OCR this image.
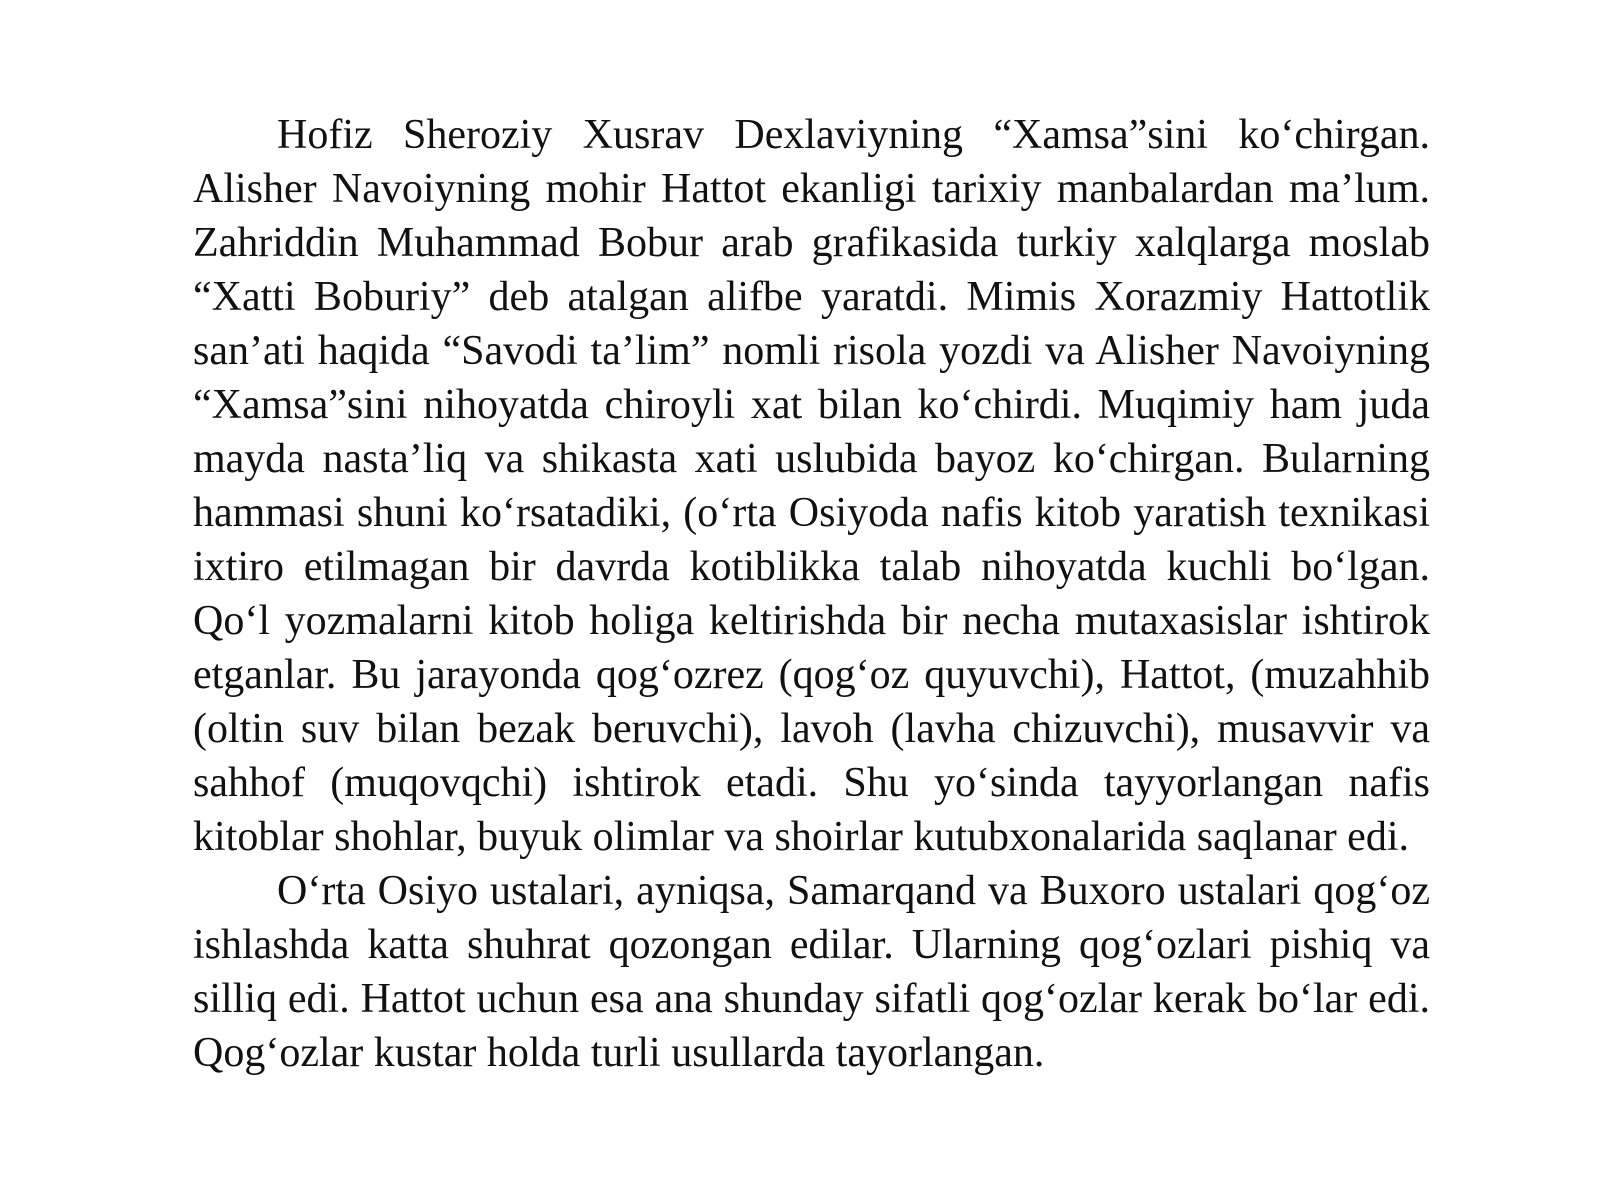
Hofiz Sheroziy Xusrav Dexlaviyning “Xamsa”sini koʻchirgan. Alisher Navoiyning mohir Hattot ekanligi tarixiy manbalardan maʼlum. Zahriddin Muhammad Bobur arab grafikasida turkiy xalqlarga moslab “Xatti Boburiy” deb atalgan alifbe yaratdi. Mimis Xorazmiy Hattotlik sanʼati haqida “Savodi taʼlim” nomli risola yozdi va Alisher Navoiyning “Xamsa”sini nihoyatda chiroyli xat bilan koʻchirdi. Muqimiy ham juda mayda nastaʼliq va shikasta xati uslubida bayoz koʻchirgan. Bularning hammasi shuni koʻrsatadiki, (oʻrta Osiyoda nafis kitob yaratish texnikasi ixtiro etilmagan bir davrda kotiblikka talab nihoyatda kuchli boʻlgan. Qoʻl yozmalarni kitob holiga keltirishda bir necha mutaxasislar ishtirok etganlar. Bu jarayonda qogʻozrez (qogʻoz quyuvchi), Hattot, (muzahhib (oltin suv bilan bezak beruvchi), lavoh (lavha chizuvchi), musavvir va sahhof (muqovqchi) ishtirok etadi. Shu yoʻsinda tayyorlangan nafis kitoblar shohlar, buyuk olimlar va shoirlar kutubxonalarida saqlanar edi.

Oʻrta Osiyo ustalari, ayniqsa, Samarqand va Buxoro ustalari qogʻoz ishlashda katta shuhrat qozongan edilar. Ularning qogʻozlari pishiq va silliq edi. Hattot uchun esa ana shunday sifatli qogʻozlar kerak boʻlar edi. Qogʻozlar kustar holda turli usullarda tayorlangan.
